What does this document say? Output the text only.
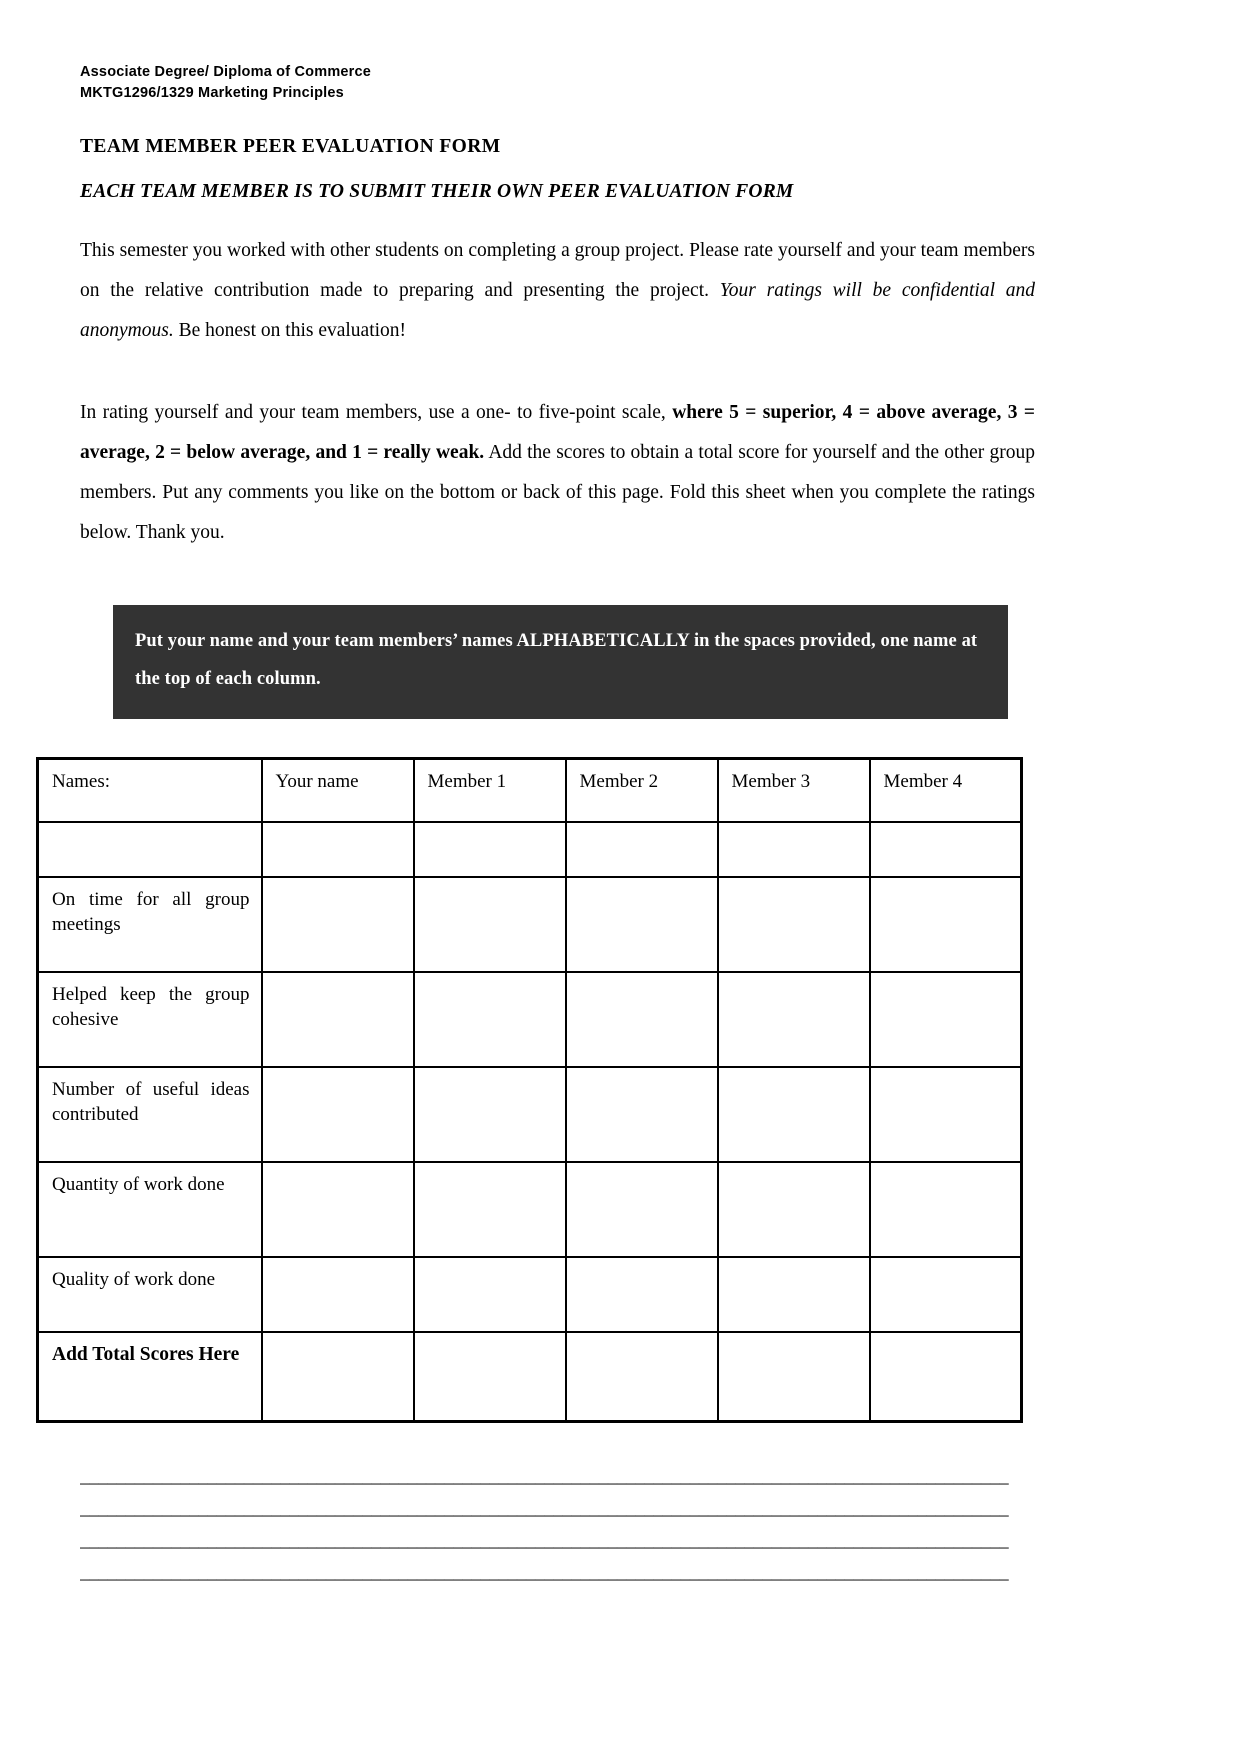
Associate Degree/ Diploma of Commerce
MKTG1296/1329 Marketing Principles
TEAM MEMBER PEER EVALUATION FORM
EACH TEAM MEMBER IS TO SUBMIT THEIR OWN PEER EVALUATION FORM

This semester you worked with other students on completing a group project. Please rate yourself and your team members on the relative contribution made to preparing and presenting the project. Your ratings will be confidential and anonymous. Be honest on this evaluation!

In rating yourself and your team members, use a one- to five-point scale, where 5 = superior, 4 = above average, 3 = average, 2 = below average, and 1 = really weak. Add the scores to obtain a total score for yourself and the other group members. Put any comments you like on the bottom or back of this page. Fold this sheet when you complete the ratings below. Thank you.

Put your name and your team members’ names ALPHABETICALLY in the spaces provided, one name at the top of each column.

Names:	Your name	Member 1	Member 2	Member 3	Member 4

On time for all group meetings					
Helped keep the group cohesive					
Number of useful ideas contributed					
Quantity of work done					
Quality of work done					
Add Total Scores Here					
______________________________________________________________________________________________________
______________________________________________________________________________________________________
______________________________________________________________________________________________________
______________________________________________________________________________________________________
